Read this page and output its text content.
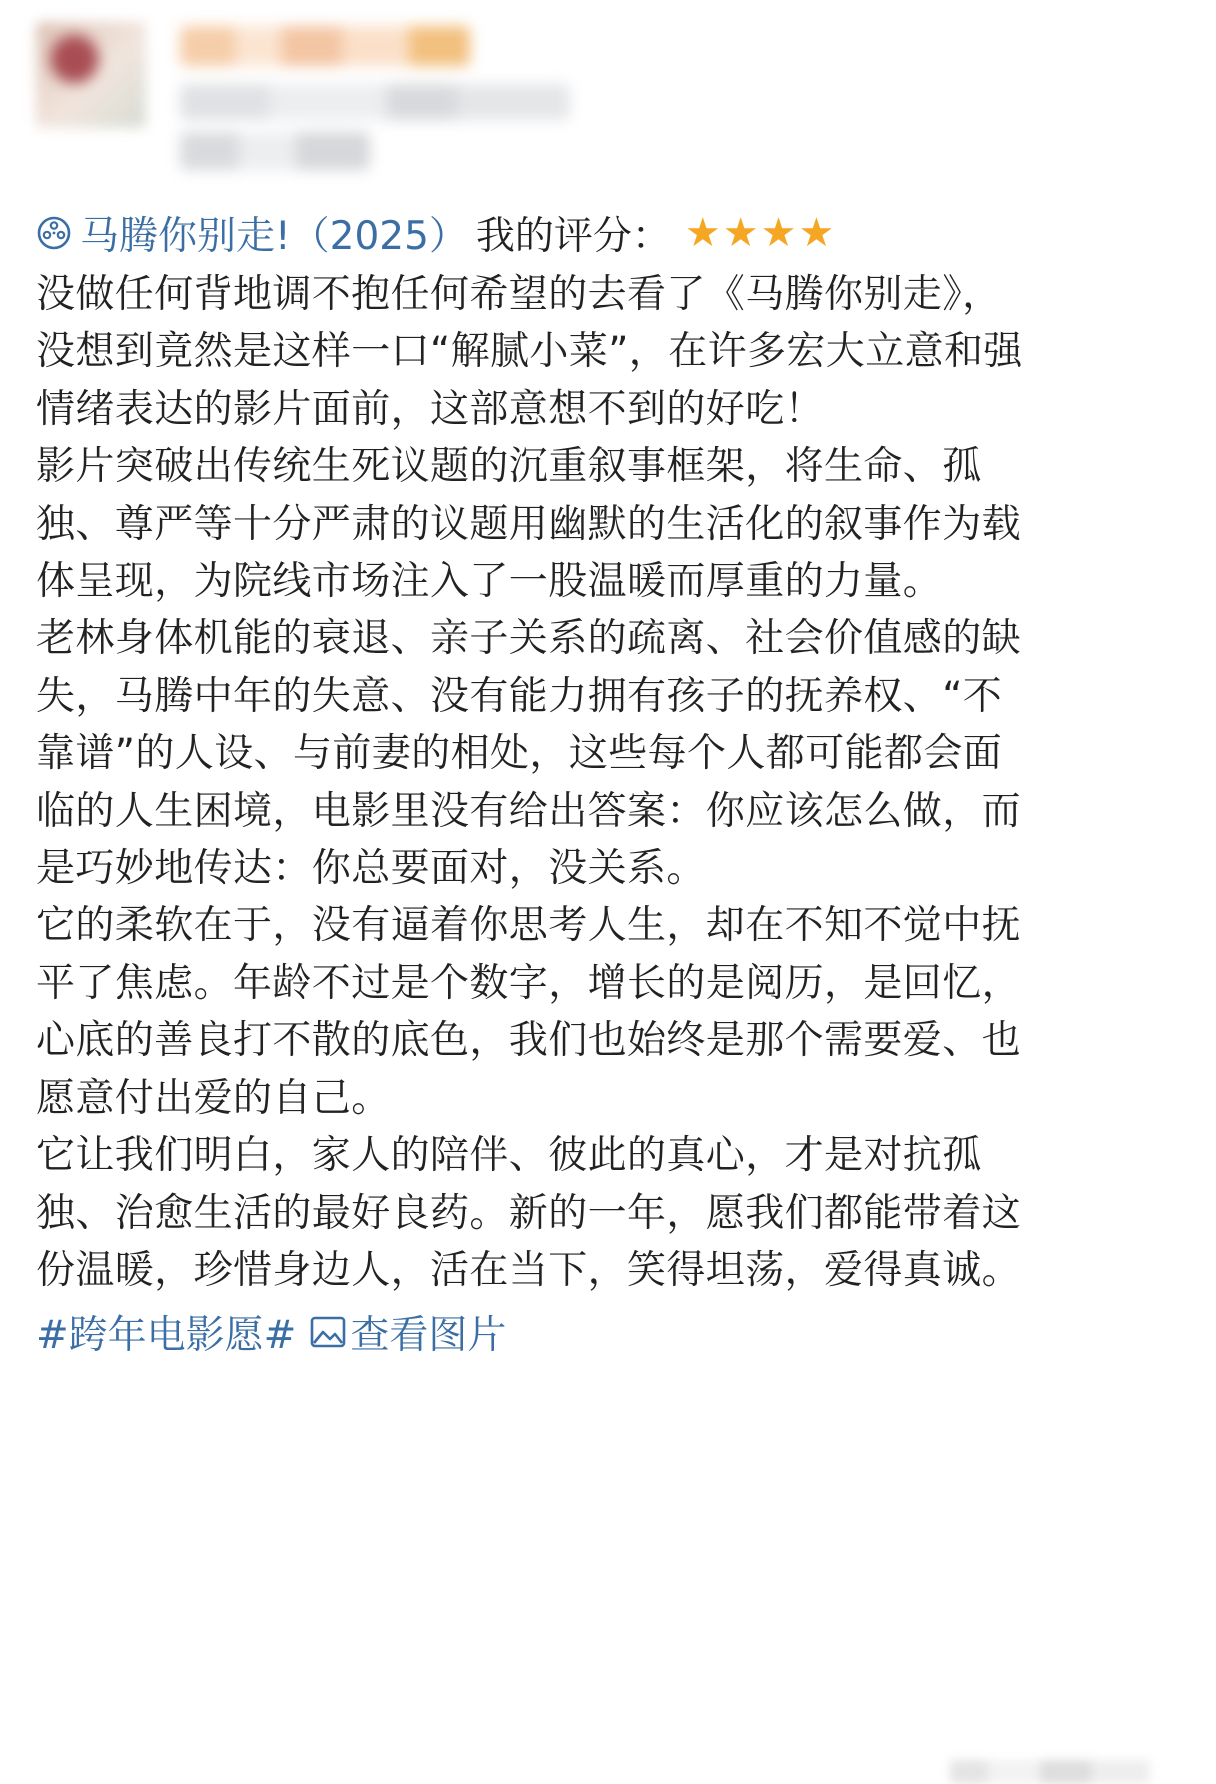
马腾你别走!（2025） 我的评分： ★ ★ ★ ★

没做任何背地调不抱任何希望的去看了《马腾你别走》，没想到竟然是这样一口“解腻小菜”，在许多宏大立意和强情绪表达的影片面前，这部意想不到的好吃！

影片突破出传统生死议题的沉重叙事框架，将生命、孤独、尊严等十分严肃的议题用幽默的生活化的叙事作为载体呈现，为院线市场注入了一股温暖而厚重的力量。

老林身体机能的衰退、亲子关系的疏离、社会价值感的缺失，马腾中年的失意、没有能力拥有孩子的抚养权、“不靠谱”的人设、与前妻的相处，这些每个人都可能都会面临的人生困境，电影里没有给出答案：你应该怎么做，而是巧妙地传达：你总要面对，没关系。

它的柔软在于，没有逼着你思考人生，却在不知不觉中抚平了焦虑。年龄不过是个数字，增长的是阅历，是回忆，心底的善良打不散的底色，我们也始终是那个需要爱、也愿意付出爱的自己。

它让我们明白，家人的陪伴、彼此的真心，才是对抗孤独、治愈生活的最好良药。新的一年，愿我们都能带着这份温暖，珍惜身边人，活在当下，笑得坦荡，爱得真诚。

#跨年电影愿# 查看图片
